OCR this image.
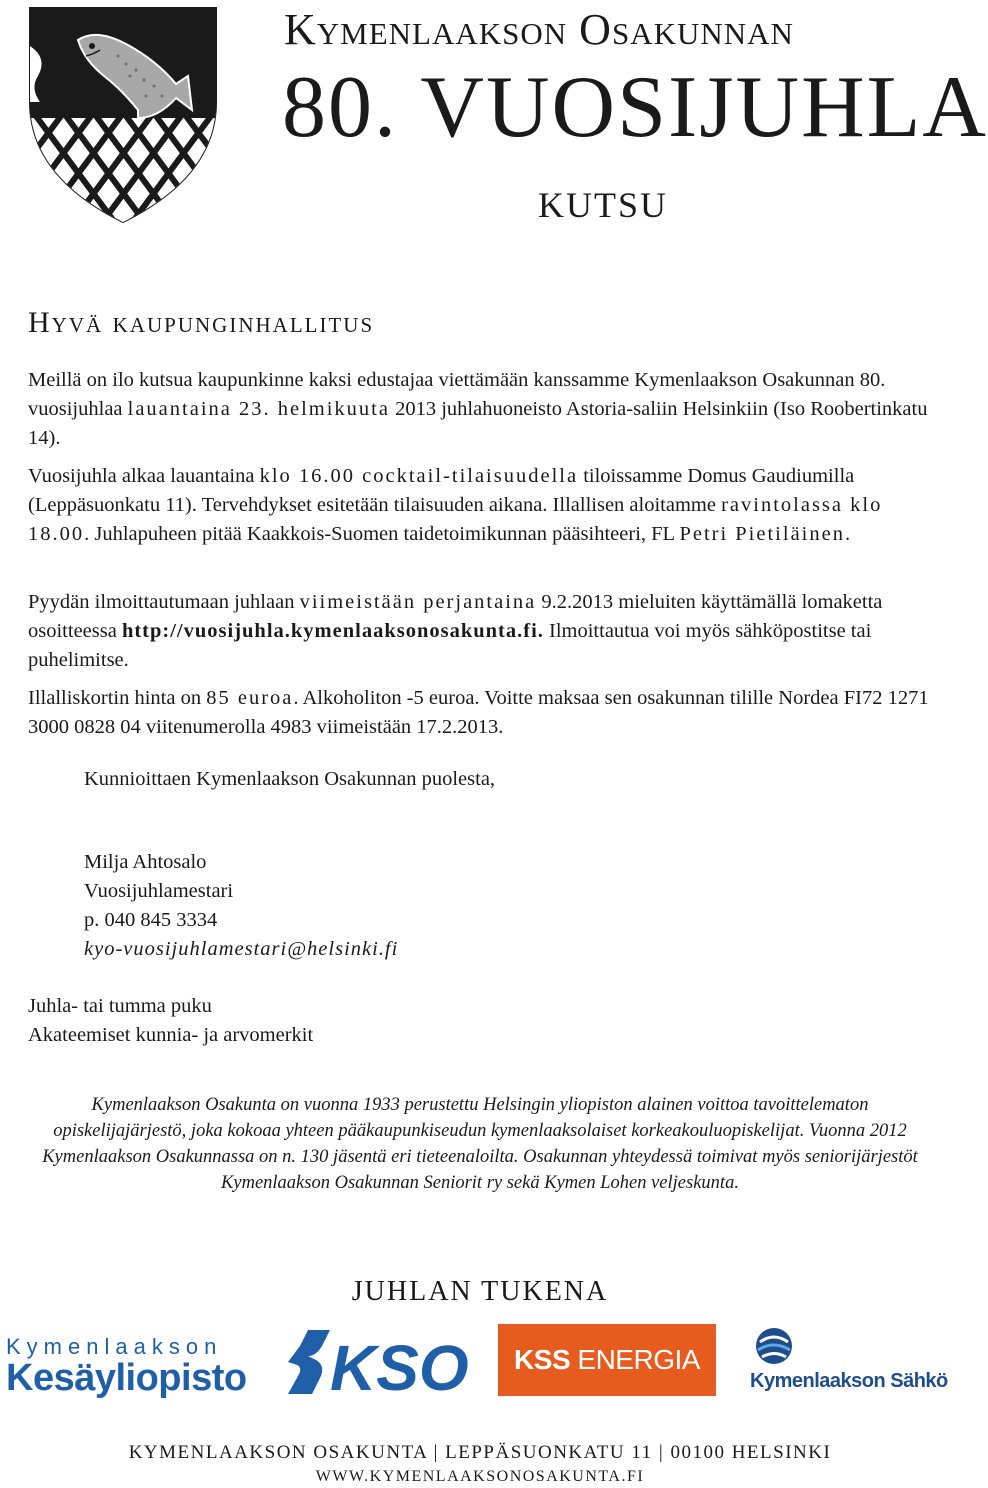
Kymenlaakson Osakunnan
80. VUOSIJUHLA
KUTSU
Hyvä kaupunginhallitus
Meillä on ilo kutsua kaupunkinne kaksi edustajaa viettämään kanssamme Kymenlaakson Osakunnan 80. vuosijuhlaa lauantaina 23. helmikuuta 2013 juhlahuoneisto Astoria-saliin Helsinkiin (Iso Roobertinkatu 14).
Vuosijuhla alkaa lauantaina klo 16.00 cocktail-tilaisuudella tiloissamme Domus Gaudiumilla (Leppäsuonkatu 11). Tervehdykset esitetään tilaisuuden aikana. Illallisen aloitamme ravintolassa klo 18.00. Juhlapuheen pitää Kaakkois-Suomen taidetoimikunnan pääsihteeri, FL Petri Pietiläinen.
Pyydän ilmoittautumaan juhlaan viimeistään perjantaina 9.2.2013 mieluiten käyttämällä lomaketta osoitteessa http://vuosijuhla.kymenlaaksonosakunta.fi. Ilmoittautua voi myös sähköpostitse tai puhelimitse.
Illalliskortin hinta on 85 euroa. Alkoholiton -5 euroa. Voitte maksaa sen osakunnan tilille Nordea FI72 1271 3000 0828 04 viitenumerolla 4983 viimeistään 17.2.2013.
Kunnioittaen Kymenlaakson Osakunnan puolesta,
Milja Ahtosalo
Vuosijuhlamestari
p. 040 845 3334
kyo-vuosijuhlamestari@helsinki.fi
Juhla- tai tumma puku
Akateemiset kunnia- ja arvomerkit
Kymenlaakson Osakunta on vuonna 1933 perustettu Helsingin yliopiston alainen voittoa tavoittelematon opiskelijajärjestö, joka kokoaa yhteen pääkaupunkiseudun kymenlaaksolaiset korkeakouluopiskelijat. Vuonna 2012 Kymenlaakson Osakunnassa on n. 130 jäsentä eri tieteenaloilta. Osakunnan yhteydessä toimivat myös seniorijärjestöt Kymenlaakson Osakunnan Seniorit ry sekä Kymen Lohen veljeskunta.
JUHLAN TUKENA
Kymenlaakson
Kesäyliopisto KSO KSS ENERGIA
Kymenlaakson Sähkö
KYMENLAAKSON OSAKUNTA | LEPPÄSUONKATU 11 | 00100 HELSINKI
WWW.KYMENLAAKSONOSAKUNTA.FI
